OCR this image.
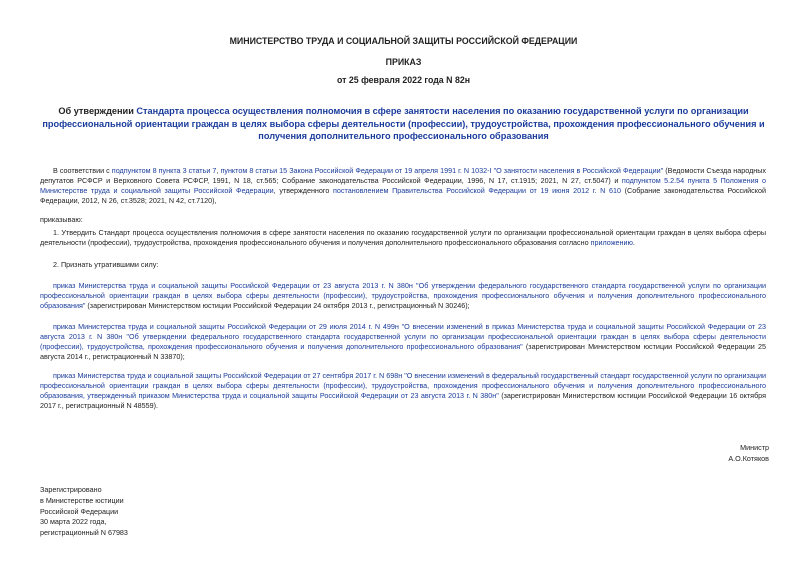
МИНИСТЕРСТВО ТРУДА И СОЦИАЛЬНОЙ ЗАЩИТЫ РОССИЙСКОЙ ФЕДЕРАЦИИ
ПРИКАЗ
от 25 февраля 2022 года N 82н
Об утверждении Стандарта процесса осуществления полномочия в сфере занятости населения по оказанию государственной услуги по организации профессиональной ориентации граждан в целях выбора сферы деятельности (профессии), трудоустройства, прохождения профессионального обучения и получения дополнительного профессионального образования

В соответствии с подпунктом 8 пункта 3 статьи 7, пунктом 8 статьи 15 Закона Российской Федерации от 19 апреля 1991 г. N 1032-I "О занятости населения в Российской Федерации" (Ведомости Съезда народных депутатов РСФСР и Верховного Совета РСФСР, 1991, N 18, ст.565; Собрание законодательства Российской Федерации, 1996, N 17, ст.1915; 2021, N 27, ст.5047) и подпунктом 5.2.54 пункта 5 Положения о Министерстве труда и социальной защиты Российской Федерации, утвержденного постановлением Правительства Российской Федерации от 19 июня 2012 г. N 610 (Собрание законодательства Российской Федерации, 2012, N 26, ст.3528; 2021, N 42, ст.7120),

приказываю:

1. Утвердить Стандарт процесса осуществления полномочия в сфере занятости населения по оказанию государственной услуги по организации профессиональной ориентации граждан в целях выбора сферы деятельности (профессии), трудоустройства, прохождения профессионального обучения и получения дополнительного профессионального образования согласно приложению.

2. Признать утратившими силу:

приказ Министерства труда и социальной защиты Российской Федерации от 23 августа 2013 г. N 380н "Об утверждении федерального государственного стандарта государственной услуги по организации профессиональной ориентации граждан в целях выбора сферы деятельности (профессии), трудоустройства, прохождения профессионального обучения и получения дополнительного профессионального образования" (зарегистрирован Министерством юстиции Российской Федерации 24 октября 2013 г., регистрационный N 30246);

приказ Министерства труда и социальной защиты Российской Федерации от 29 июля 2014 г. N 499н "О внесении изменений в приказ Министерства труда и социальной защиты Российской Федерации от 23 августа 2013 г. N 380н "Об утверждении федерального государственного стандарта государственной услуги по организации профессиональной ориентации граждан в целях выбора сферы деятельности (профессии), трудоустройства, прохождения профессионального обучения и получения дополнительного профессионального образования" (зарегистрирован Министерством юстиции Российской Федерации 25 августа 2014 г., регистрационный N 33870);

приказ Министерства труда и социальной защиты Российской Федерации от 27 сентября 2017 г. N 698н "О внесении изменений в федеральный государственный стандарт государственной услуги по организации профессиональной ориентации граждан в целях выбора сферы деятельности (профессии), трудоустройства, прохождения профессионального обучения и получения дополнительного профессионального образования, утвержденный приказом Министерства труда и социальной защиты Российской Федерации от 23 августа 2013 г. N 380н" (зарегистрирован Министерством юстиции Российской Федерации 16 октября 2017 г., регистрационный N 48559).

Министр
А.О.Котяков
Зарегистрировано
в Министерстве юстиции
Российской Федерации
30 марта 2022 года,
регистрационный N 67983
